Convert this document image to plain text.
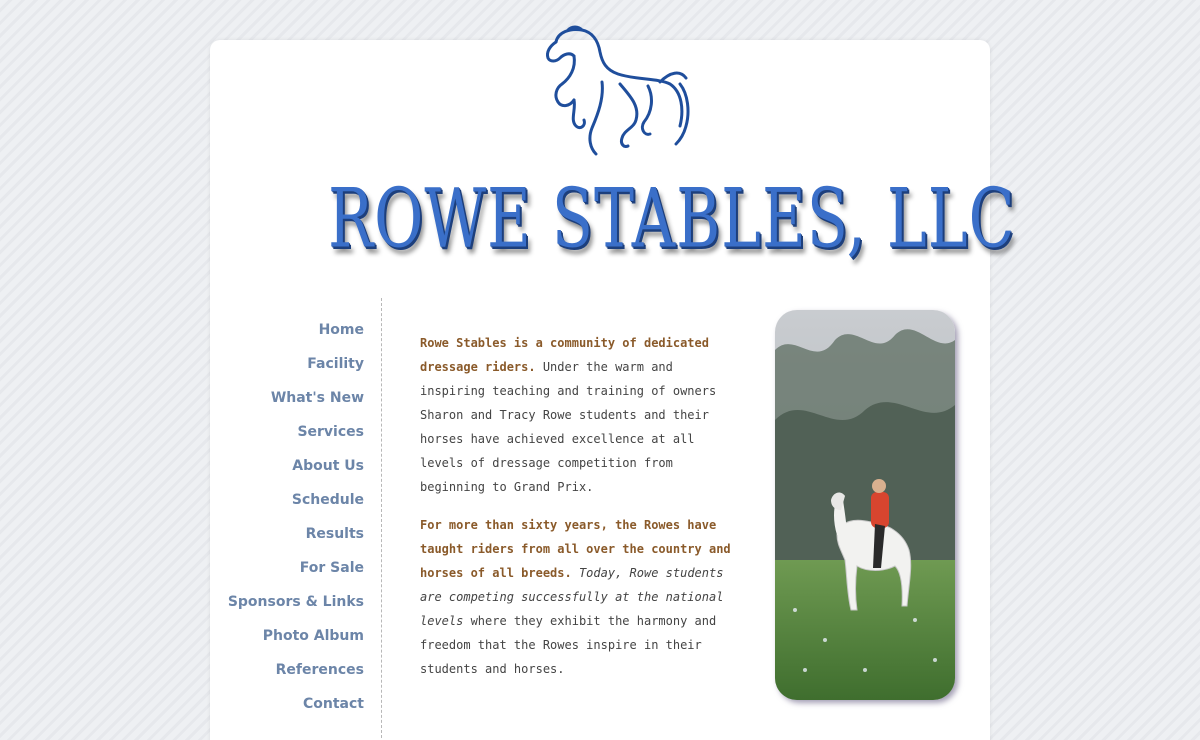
ROWE STABLES, LLC
Home
Facility
What's New
Services
About Us
Schedule
Results
For Sale
Sponsors & Links
Photo Album
References
Contact

Rowe Stables is a community of dedicated dressage riders. Under the warm and inspiring teaching and training of owners Sharon and Tracy Rowe students and their horses have achieved excellence at all levels of dressage competition from beginning to Grand Prix.

For more than sixty years, the Rowes have taught riders from all over the country and horses of all breeds. Today, Rowe students are competing successfully at the national levels where they exhibit the harmony and freedom that the Rowes inspire in their students and horses.
